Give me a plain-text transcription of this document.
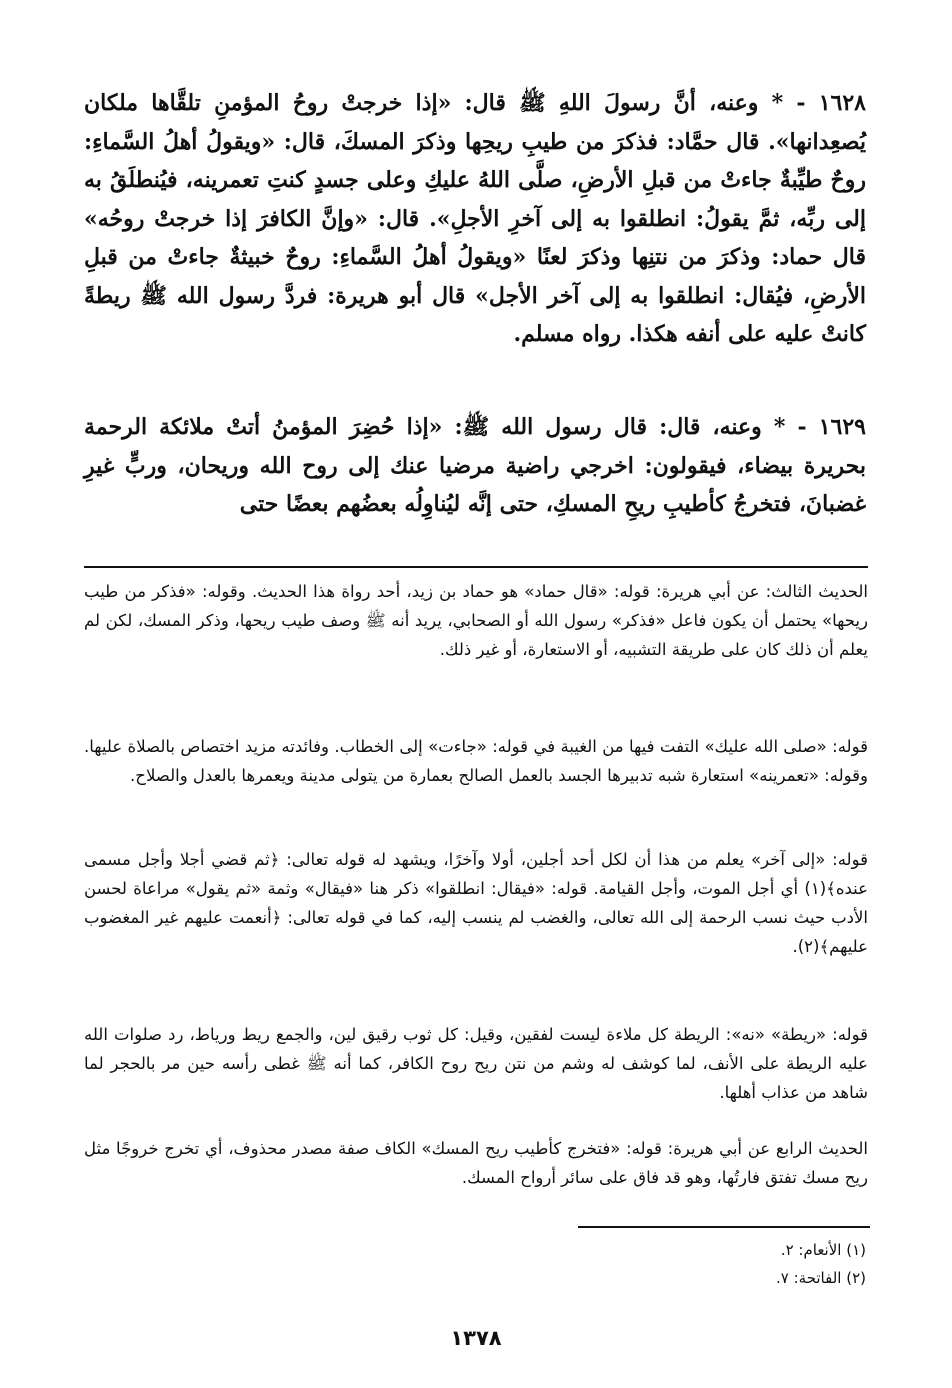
١٦٢٨ - * وعنه، أنَّ رسولَ اللهِ ﷺ قال: «إذا خرجتْ روحُ المؤمنِ تلقَّاها ملكان يُصعِدانها». قال حمَّاد: فذكرَ من طيبِ ريحِها وذكرَ المسكَ، قال: «ويقولُ أهلُ السَّماءِ: روحٌ طيِّبةٌ جاءتْ من قبلِ الأرضِ، صلَّى اللهُ عليكِ وعلى جسدٍ كنتِ تعمرينه، فيُنطلَقُ به إلى ربِّه، ثمَّ يقولُ: انطلقوا به إلى آخرِ الأجلِ». قال: «وإنَّ الكافرَ إذا خرجتْ روحُه» قال حماد: وذكرَ من نتنِها وذكرَ لعنًا «ويقولُ أهلُ السَّماءِ: روحٌ خبيثةٌ جاءتْ من قبلِ الأرضِ، فيُقال: انطلقوا به إلى آخر الأجل» قال أبو هريرة: فردَّ رسول الله ﷺ ريطةً كانتْ عليه على أنفه هكذا. رواه مسلم.

١٦٢٩ - * وعنه، قال: قال رسول الله ﷺ: «إذا حُضِرَ المؤمنُ أتتْ ملائكة الرحمة بحريرة بيضاء، فيقولون: اخرجي راضية مرضيا عنك إلى روح الله وريحان، وربٍّ غيرِ غضبانَ، فتخرجُ كأطيبِ ريحِ المسكِ، حتى إنَّه ليُناوِلُه بعضُهم بعضًا حتى

الحديث الثالث: عن أبي هريرة: قوله: «قال حماد» هو حماد بن زيد، أحد رواة هذا الحديث. وقوله: «فذكر من طيب ريحها» يحتمل أن يكون فاعل «فذكر» رسول الله أو الصحابي، يريد أنه ﷺ وصف طيب ريحها، وذكر المسك، لكن لم يعلم أن ذلك كان على طريقة التشبيه، أو الاستعارة، أو غير ذلك.

قوله: «صلى الله عليك» التفت فيها من الغيبة في قوله: «جاءت» إلى الخطاب. وفائدته مزيد اختصاص بالصلاة عليها. وقوله: «تعمرينه» استعارة شبه تدبيرها الجسد بالعمل الصالح بعمارة من يتولى مدينة ويعمرها بالعدل والصلاح.

قوله: «إلى آخر» يعلم من هذا أن لكل أحد أجلين، أولا وآخرًا، ويشهد له قوله تعالى: ﴿ثم قضي أجلا وأجل مسمى عنده﴾(١) أي أجل الموت، وأجل القيامة. قوله: «فيقال: انطلقوا» ذكر هنا «فيقال» وثمة «ثم يقول» مراعاة لحسن الأدب حيث نسب الرحمة إلى الله تعالى، والغضب لم ينسب إليه، كما في قوله تعالى: ﴿أنعمت عليهم غير المغضوب عليهم﴾(٢).

قوله: «ريطة» «نه»: الريطة كل ملاءة ليست لفقين، وقيل: كل ثوب رقيق لين، والجمع ريط ورياط، رد صلوات الله عليه الريطة على الأنف، لما كوشف له وشم من نتن ريح روح الكافر، كما أنه ﷺ غطى رأسه حين مر بالحجر لما شاهد من عذاب أهلها.

الحديث الرابع عن أبي هريرة: قوله: «فتخرج كأطيب ريح المسك» الكاف صفة مصدر محذوف، أي تخرج خروجًا مثل ريح مسك تفتق فارتُها، وهو قد فاق على سائر أرواح المسك.

(١) الأنعام: ٢.

(٢) الفاتحة: ٧.

١٣٧٨
